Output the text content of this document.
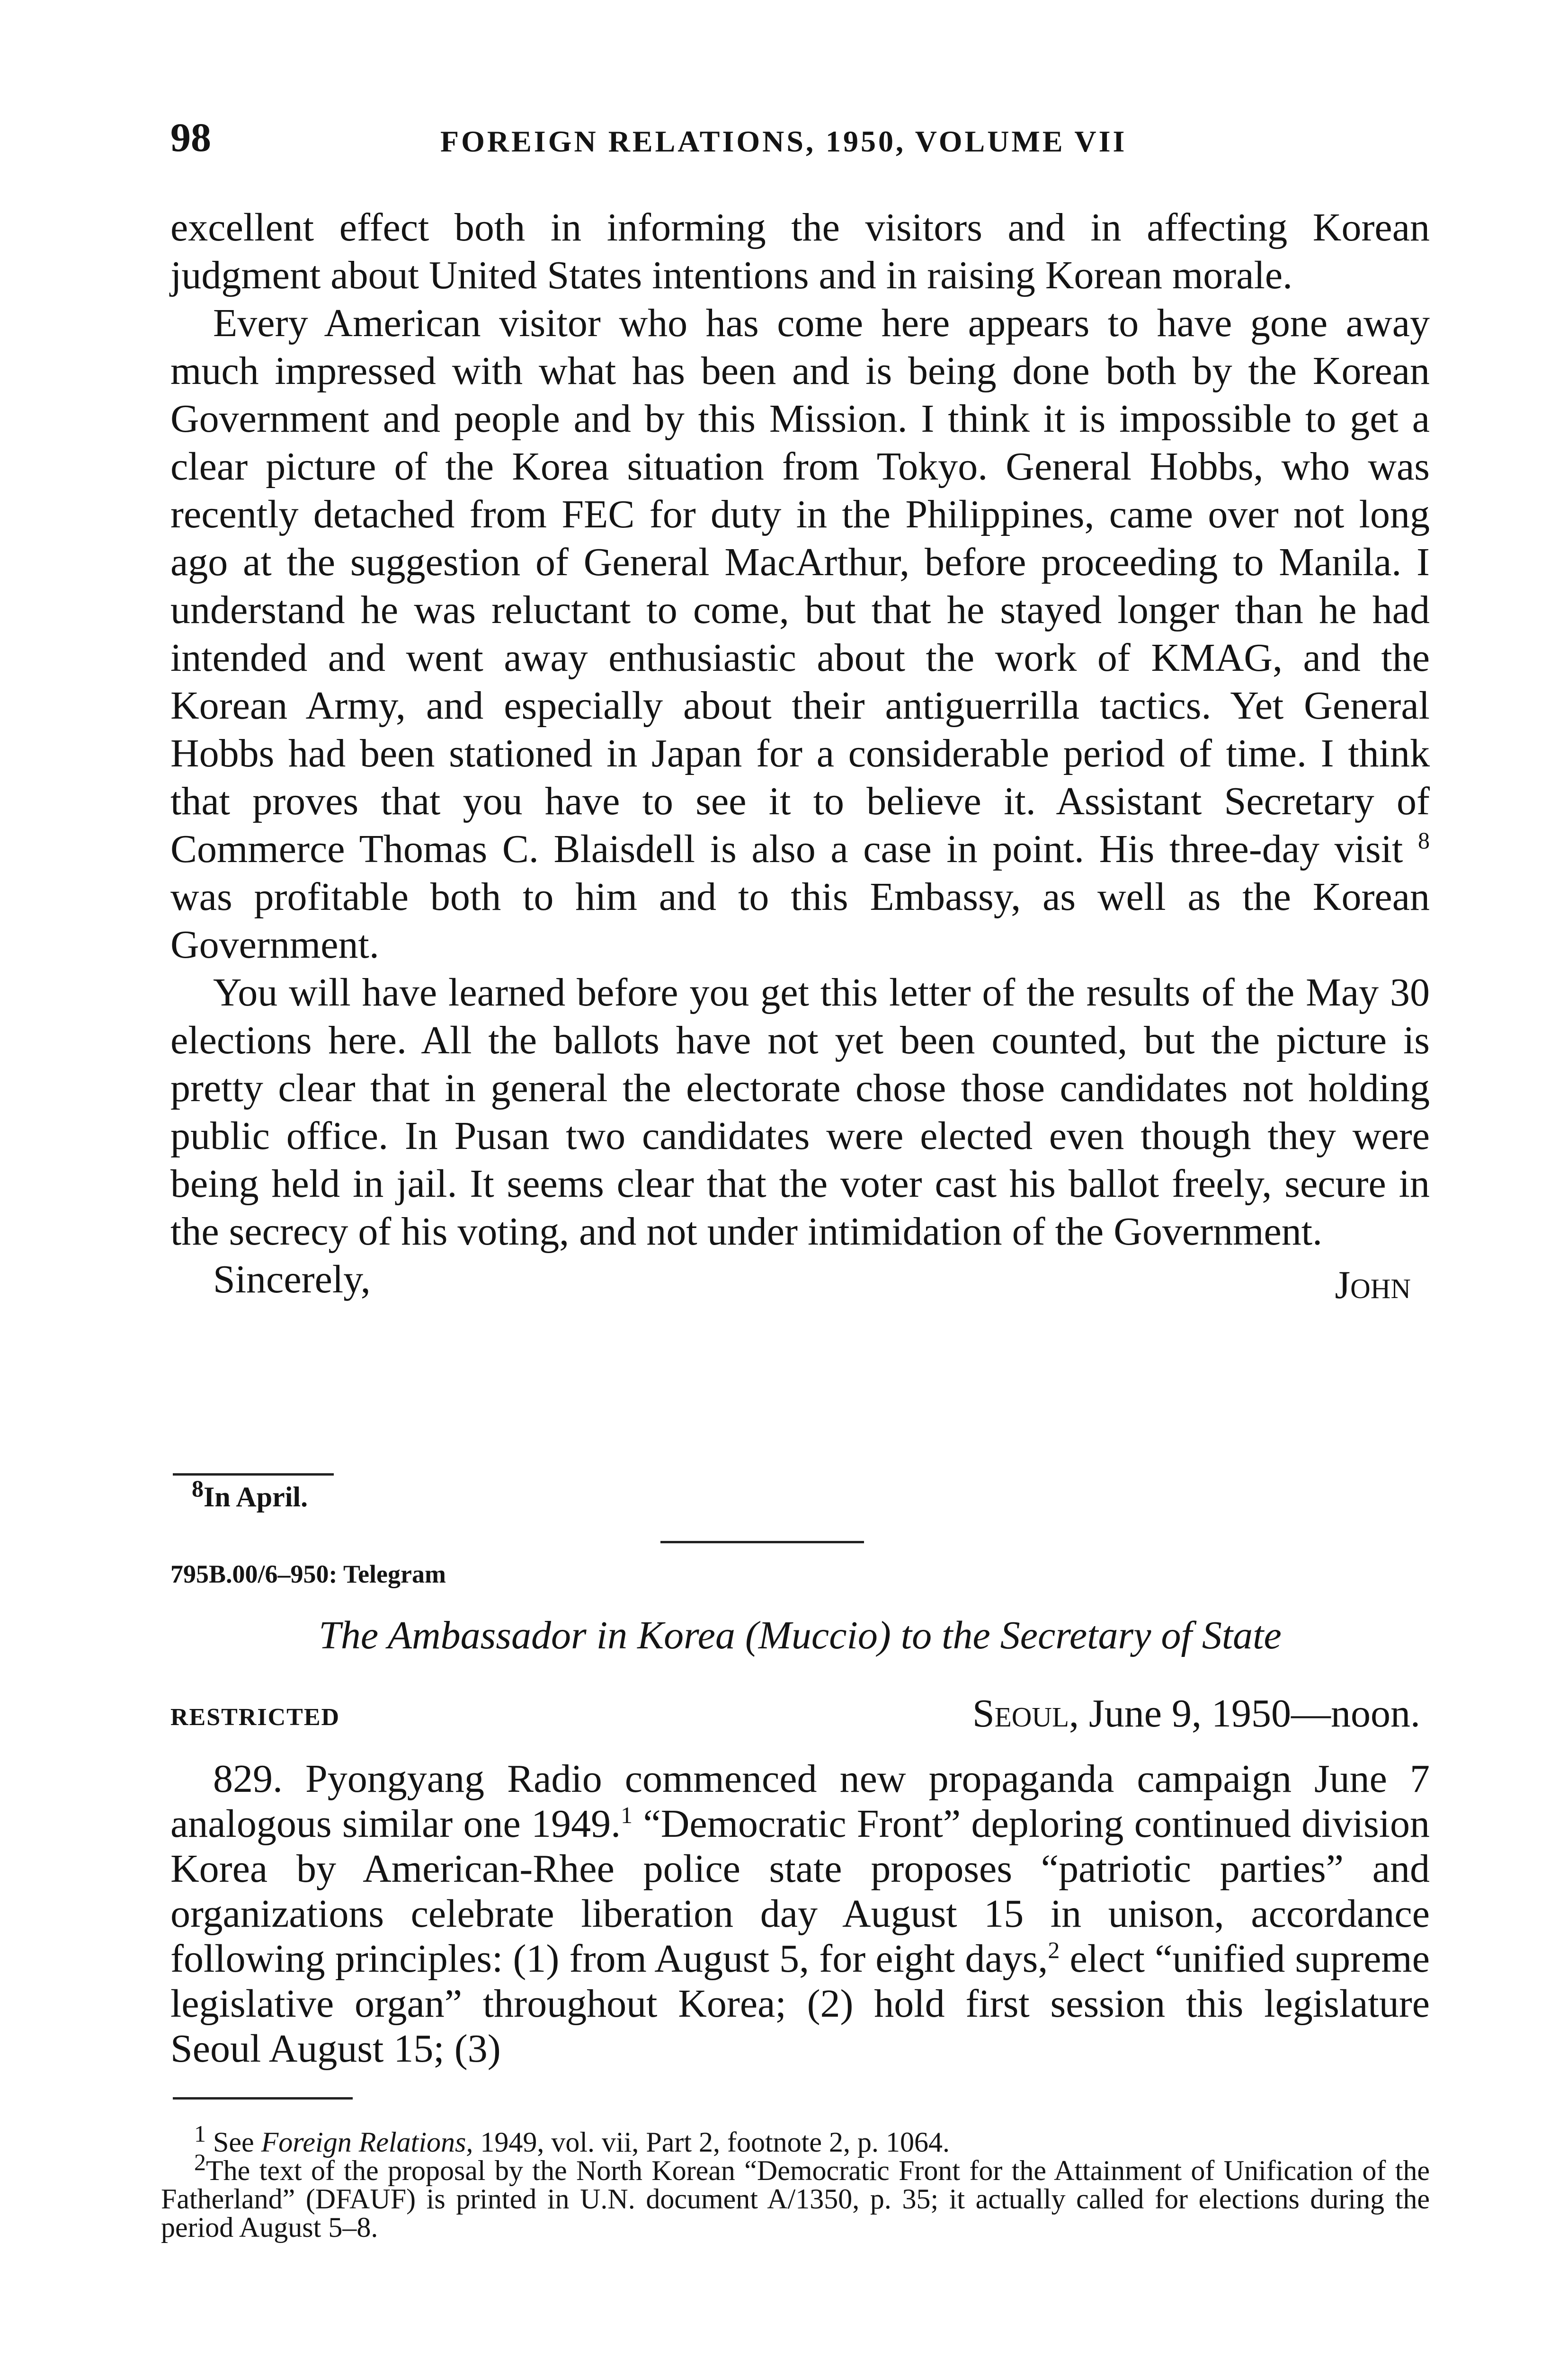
98	FOREIGN RELATIONS, 1950, VOLUME VII

excellent effect both in informing the visitors and in affecting Korean judgment about United States intentions and in raising Korean morale.

Every American visitor who has come here appears to have gone away much impressed with what has been and is being done both by the Korean Government and people and by this Mission. I think it is impossible to get a clear picture of the Korea situation from Tokyo. General Hobbs, who was recently detached from FEC for duty in the Philippines, came over not long ago at the suggestion of General MacArthur, before proceeding to Manila. I understand he was reluctant to come, but that he stayed longer than he had intended and went away enthusiastic about the work of KMAG, and the Korean Army, and especially about their antiguerrilla tactics. Yet General Hobbs had been stationed in Japan for a considerable period of time. I think that proves that you have to see it to believe it. Assistant Secretary of Commerce Thomas C. Blaisdell is also a case in point. His three-day visit $^8$ was profitable both to him and to this Embassy, as well as the Korean Government.

You will have learned before you get this letter of the results of the May 30 elections here. All the ballots have not yet been counted, but the picture is pretty clear that in general the electorate chose those candidates not holding public office. In Pusan two candidates were elected even though they were being held in jail. It seems clear that the voter cast his ballot freely, secure in the secrecy of his voting, and not under intimidation of the Government.

Sincerely,	John
$^8$In April.
795B.00/6–950: Telegram
The Ambassador in Korea (Muccio) to the Secretary of State
RESTRICTED	Seoul, June 9, 1950—noon.

829. Pyongyang Radio commenced new propaganda campaign June 7 analogous similar one 1949.$^1$ “Democratic Front” deploring continued division Korea by American-Rhee police state proposes “patriotic parties” and organizations celebrate liberation day August 15 in unison, accordance following principles: (1) from August 5, for eight days,$^2$ elect “unified supreme legislative organ” throughout Korea; (2) hold first session this legislature Seoul August 15; (3)

$^1$ See Foreign Relations, 1949, vol. vii, Part 2, footnote 2, p. 1064.

$^2$The text of the proposal by the North Korean “Democratic Front for the Attainment of Unification of the Fatherland” (DFAUF) is printed in U.N. document A/1350, p. 35; it actually called for elections during the period August 5–8.
